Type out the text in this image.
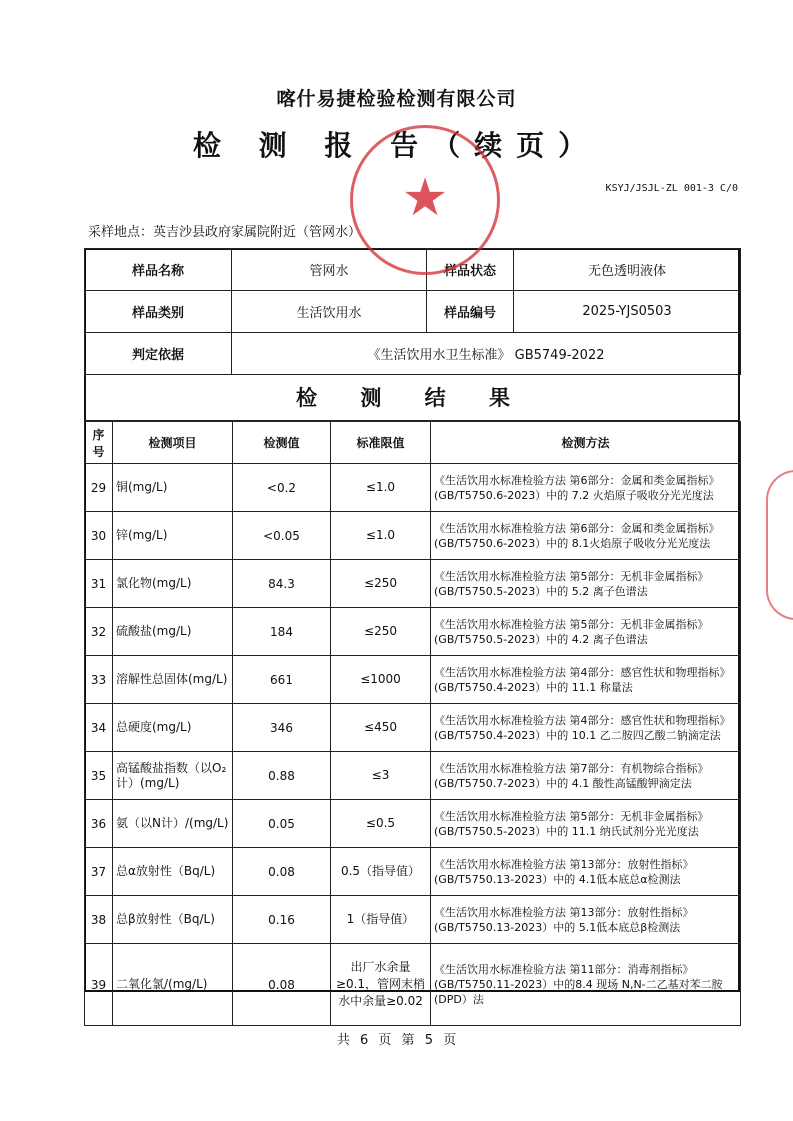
喀什易捷检验检测有限公司
检 测 报 告（续页）
KSYJ/JSJL-ZL 001-3 C/0
采样地点：英吉沙县政府家属院附近（管网水）
样品名称	管网水	样品状态	无色透明液体
样品类别	生活饮用水	样品编号	2025-YJS0503
判定依据	《生活饮用水卫生标准》 GB5749-2022		
检 测 结 果
序号	检测项目	检测值	标准限值	检测方法
29	铜(mg/L)	<0.2	≤1.0	《生活饮用水标准检验方法 第6部分：金属和类金属指标》(GB/T5750.6-2023）中的 7.2 火焰原子吸收分光光度法
30	锌(mg/L)	<0.05	≤1.0	《生活饮用水标准检验方法 第6部分：金属和类金属指标》(GB/T5750.6-2023）中的 8.1火焰原子吸收分光光度法
31	氯化物(mg/L)	84.3	≤250	《生活饮用水标准检验方法 第5部分：无机非金属指标》(GB/T5750.5-2023）中的 5.2 离子色谱法
32	硫酸盐(mg/L)	184	≤250	《生活饮用水标准检验方法 第5部分：无机非金属指标》(GB/T5750.5-2023）中的 4.2 离子色谱法
33	溶解性总固体(mg/L)	661	≤1000	《生活饮用水标准检验方法 第4部分：感官性状和物理指标》(GB/T5750.4-2023）中的 11.1 称量法
34	总硬度(mg/L)	346	≤450	《生活饮用水标准检验方法 第4部分：感官性状和物理指标》(GB/T5750.4-2023）中的 10.1 乙二胺四乙酸二钠滴定法
35	高锰酸盐指数（以O₂计）(mg/L)	0.88	≤3	《生活饮用水标准检验方法 第7部分：有机物综合指标》(GB/T5750.7-2023）中的 4.1 酸性高锰酸钾滴定法
36	氨（以N计）/(mg/L)	0.05	≤0.5	《生活饮用水标准检验方法 第5部分：无机非金属指标》(GB/T5750.5-2023）中的 11.1 纳氏试剂分光光度法
37	总α放射性（Bq/L)	0.08	0.5（指导值）	《生活饮用水标准检验方法 第13部分：放射性指标》(GB/T5750.13-2023）中的 4.1低本底总α检测法
38	总β放射性（Bq/L)	0.16	1（指导值）	《生活饮用水标准检验方法 第13部分：放射性指标》(GB/T5750.13-2023）中的 5.1低本底总β检测法
39	二氧化氯/(mg/L)	0.08	出厂水余量≥0.1，管网末梢水中余量≥0.02	《生活饮用水标准检验方法 第11部分：消毒剂指标》(GB/T5750.11-2023）中的8.4 现场 N,N-二乙基对苯二胺(DPD）法
共 6 页 第 5 页
★
